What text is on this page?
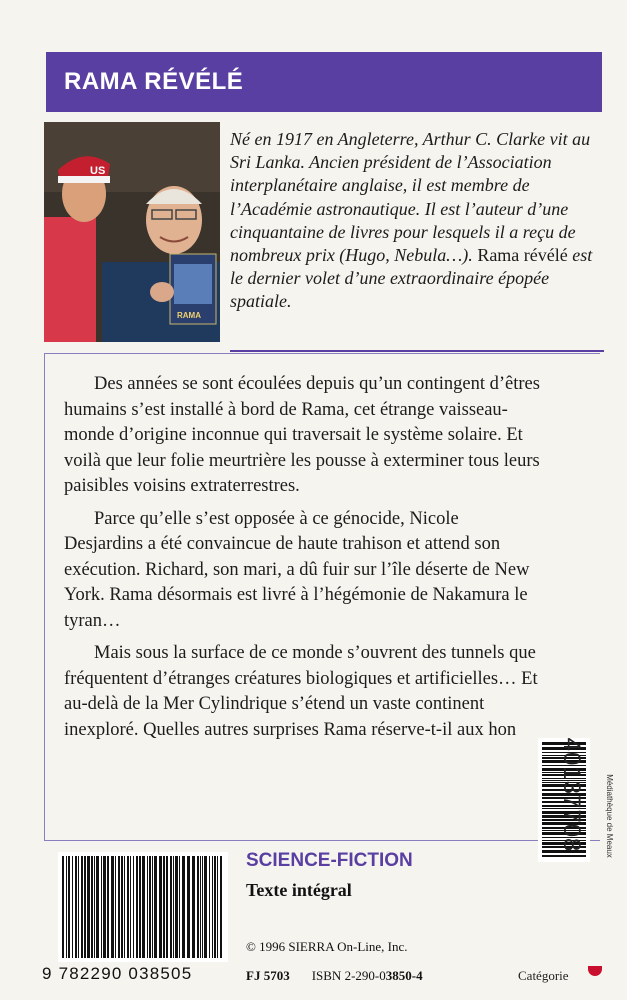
RAMA RÉVÉLÉ
US
RAMA

Né en 1917 en Angleterre, Arthur C. Clarke vit au Sri Lanka. Ancien président de l’Association interplanétaire anglaise, il est membre de l’Académie astronautique. Il est l’auteur d’une cinquantaine de livres pour lesquels il a reçu de nombreux prix (Hugo, Nebula…). Rama révélé est le dernier volet d’une extraordinaire épopée spatiale.

Des années se sont écoulées depuis qu’un contingent d’êtres humains s’est installé à bord de Rama, cet étrange vaisseau-monde d’origine inconnue qui traversait le système solaire. Et voilà que leur folie meurtrière les pousse à exterminer tous leurs paisibles voisins extraterrestres.

Parce qu’elle s’est opposée à ce génocide, Nicole Desjardins a été convaincue de haute trahison et attend son exécution. Richard, son mari, a dû fuir sur l’île déserte de New York. Rama désormais est livré à l’hégémonie de Nakamura le tyran…

Mais sous la surface de ce monde s’ouvrent des tunnels que fréquentent d’étranges créatures biologiques et artificielles… Et au-delà de la Mer Cylindrique s’étend un vaste continent inexploré. Quelles autres surprises Rama réserve-t-il aux hon

40137708	Médiathèque de Meaux
9 782290 038505
SCIENCE-FICTION
Texte intégral
© 1996 SIERRA On-Line, Inc.
FJ 5703 ISBN 2-290-03850-4	Catégorie
